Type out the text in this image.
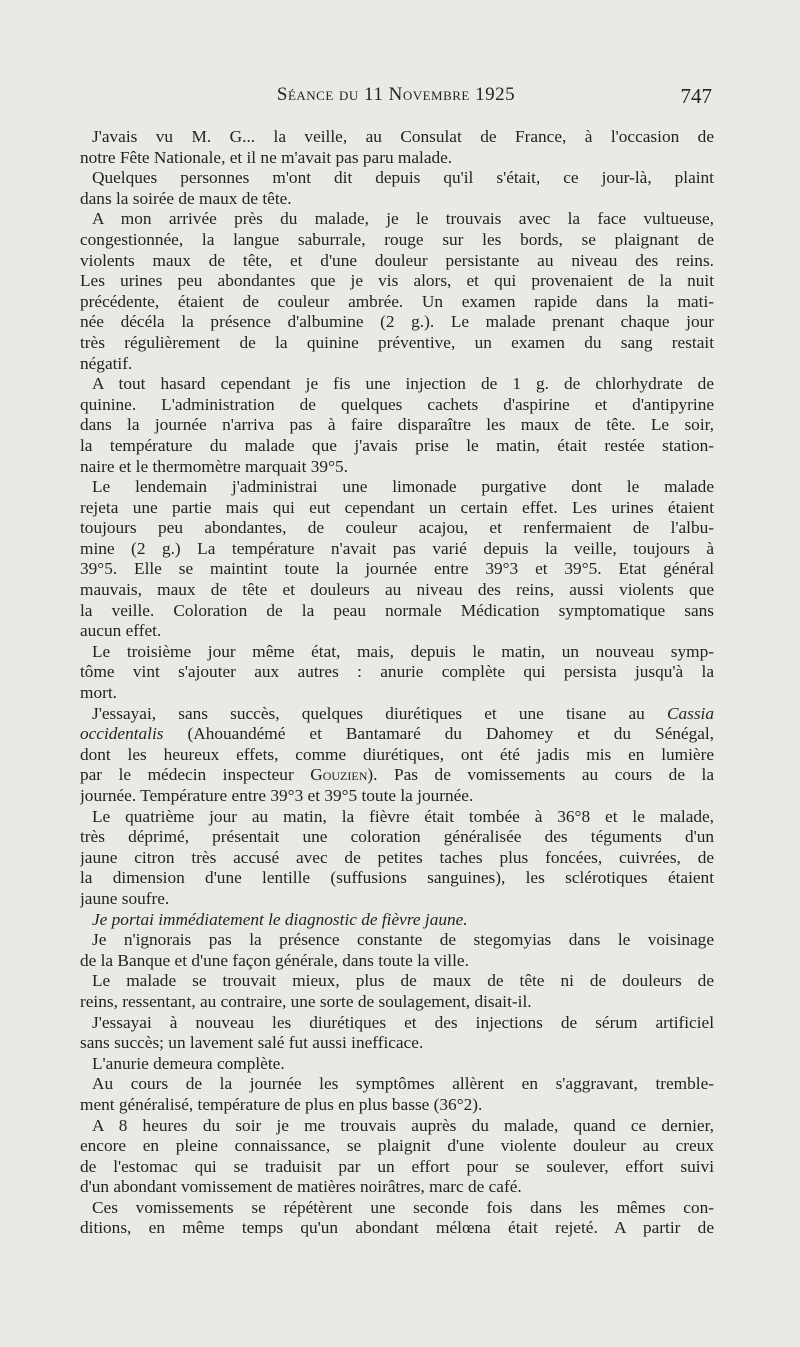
Séance du 11 Novembre 1925	747
J'avais vu M. G... la veille, au Consulat de France, à l'occasion de
notre Fête Nationale, et il ne m'avait pas paru malade.
Quelques personnes m'ont dit depuis qu'il s'était, ce jour-là, plaint
dans la soirée de maux de tête.
A mon arrivée près du malade, je le trouvais avec la face vultueuse,
congestionnée, la langue saburrale, rouge sur les bords, se plaignant de
violents maux de tête, et d'une douleur persistante au niveau des reins.
Les urines peu abondantes que je vis alors, et qui provenaient de la nuit
précédente, étaient de couleur ambrée. Un examen rapide dans la mati-
née décéla la présence d'albumine (2 g.). Le malade prenant chaque jour
très régulièrement de la quinine préventive, un examen du sang restait
négatif.
A tout hasard cependant je fis une injection de 1 g. de chlorhydrate de
quinine. L'administration de quelques cachets d'aspirine et d'antipyrine
dans la journée n'arriva pas à faire disparaître les maux de tête. Le soir,
la température du malade que j'avais prise le matin, était restée station-
naire et le thermomètre marquait 39°5.
Le lendemain j'administrai une limonade purgative dont le malade
rejeta une partie mais qui eut cependant un certain effet. Les urines étaient
toujours peu abondantes, de couleur acajou, et renfermaient de l'albu-
mine (2 g.) La température n'avait pas varié depuis la veille, toujours à
39°5. Elle se maintint toute la journée entre 39°3 et 39°5. Etat général
mauvais, maux de tête et douleurs au niveau des reins, aussi violents que
la veille. Coloration de la peau normale Médication symptomatique sans
aucun effet.
Le troisième jour même état, mais, depuis le matin, un nouveau symp-
tôme vint s'ajouter aux autres : anurie complète qui persista jusqu'à la
mort.
J'essayai, sans succès, quelques diurétiques et une tisane au Cassia
occidentalis (Ahouandémé et Bantamaré du Dahomey et du Sénégal,
dont les heureux effets, comme diurétiques, ont été jadis mis en lumière
par le médecin inspecteur Gouzien). Pas de vomissements au cours de la
journée. Température entre 39°3 et 39°5 toute la journée.
Le quatrième jour au matin, la fièvre était tombée à 36°8 et le malade,
très déprimé, présentait une coloration généralisée des téguments d'un
jaune citron très accusé avec de petites taches plus foncées, cuivrées, de
la dimension d'une lentille (suffusions sanguines), les sclérotiques étaient
jaune soufre.
Je portai immédiatement le diagnostic de fièvre jaune.
Je n'ignorais pas la présence constante de stegomyias dans le voisinage
de la Banque et d'une façon générale, dans toute la ville.
Le malade se trouvait mieux, plus de maux de tête ni de douleurs de
reins, ressentant, au contraire, une sorte de soulagement, disait-il.
J'essayai à nouveau les diurétiques et des injections de sérum artificiel
sans succès; un lavement salé fut aussi inefficace.
L'anurie demeura complète.
Au cours de la journée les symptômes allèrent en s'aggravant, tremble-
ment généralisé, température de plus en plus basse (36°2).
A 8 heures du soir je me trouvais auprès du malade, quand ce dernier,
encore en pleine connaissance, se plaignit d'une violente douleur au creux
de l'estomac qui se traduisit par un effort pour se soulever, effort suivi
d'un abondant vomissement de matières noirâtres, marc de café.
Ces vomissements se répétèrent une seconde fois dans les mêmes con-
ditions, en même temps qu'un abondant mélœna était rejeté. A partir de
